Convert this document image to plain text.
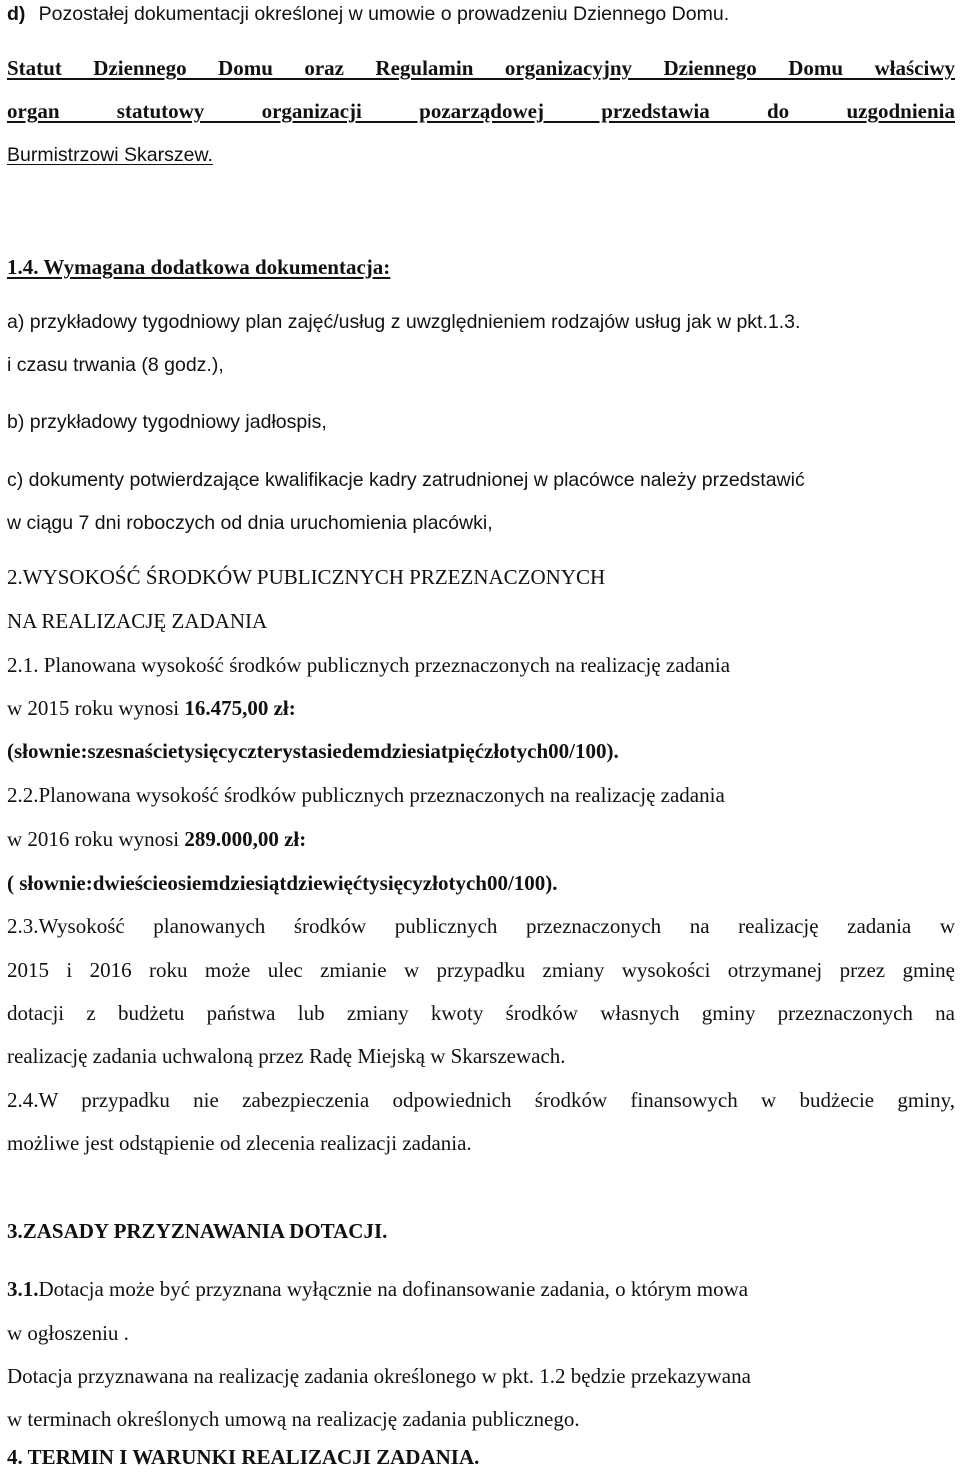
d) Pozostałej dokumentacji określonej w umowie o prowadzeniu Dziennego Domu.

Statut Dziennego Domu oraz Regulamin organizacyjny Dziennego Domu właściwy

organ statutowy organizacji pozarządowej przedstawia do uzgodnienia

Burmistrzowi Skarszew.

1.4. Wymagana dodatkowa dokumentacja:

a) przykładowy tygodniowy plan zajęć/usług z uwzględnieniem rodzajów usług jak w pkt.1.3.

i czasu trwania (8 godz.),

b) przykładowy tygodniowy jadłospis,

c) dokumenty potwierdzające kwalifikacje kadry zatrudnionej w placówce należy przedstawić

w ciągu 7 dni roboczych od dnia uruchomienia placówki,

2.WYSOKOŚĆ ŚRODKÓW PUBLICZNYCH PRZEZNACZONYCH

NA REALIZACJĘ ZADANIA

2.1. Planowana wysokość środków publicznych przeznaczonych na realizację zadania

w 2015 roku wynosi 16.475,00 zł:

(słownie:szesnaścietysięcyczterystasiedemdziesiatpięćzłotych00/100).

2.2.Planowana wysokość środków publicznych przeznaczonych na realizację zadania

w 2016 roku wynosi 289.000,00 zł:

( słownie:dwieścieosiemdziesiątdziewięćtysięcyzłotych00/100).

2.3.Wysokość planowanych środków publicznych przeznaczonych na realizację zadania w

2015 i 2016 roku może ulec zmianie w przypadku zmiany wysokości otrzymanej przez gminę

dotacji z budżetu państwa lub zmiany kwoty środków własnych gminy przeznaczonych na

realizację zadania uchwaloną przez Radę Miejską w Skarszewach.

2.4.W przypadku nie zabezpieczenia odpowiednich środków finansowych w budżecie gminy,

możliwe jest odstąpienie od zlecenia realizacji zadania.

3.ZASADY PRZYZNAWANIA DOTACJI.

3.1.Dotacja może być przyznana wyłącznie na dofinansowanie zadania, o którym mowa

w ogłoszeniu .

Dotacja przyznawana na realizację zadania określonego w pkt. 1.2 będzie przekazywana

w terminach określonych umową na realizację zadania publicznego.

4. TERMIN I WARUNKI REALIZACJI ZADANIA.
